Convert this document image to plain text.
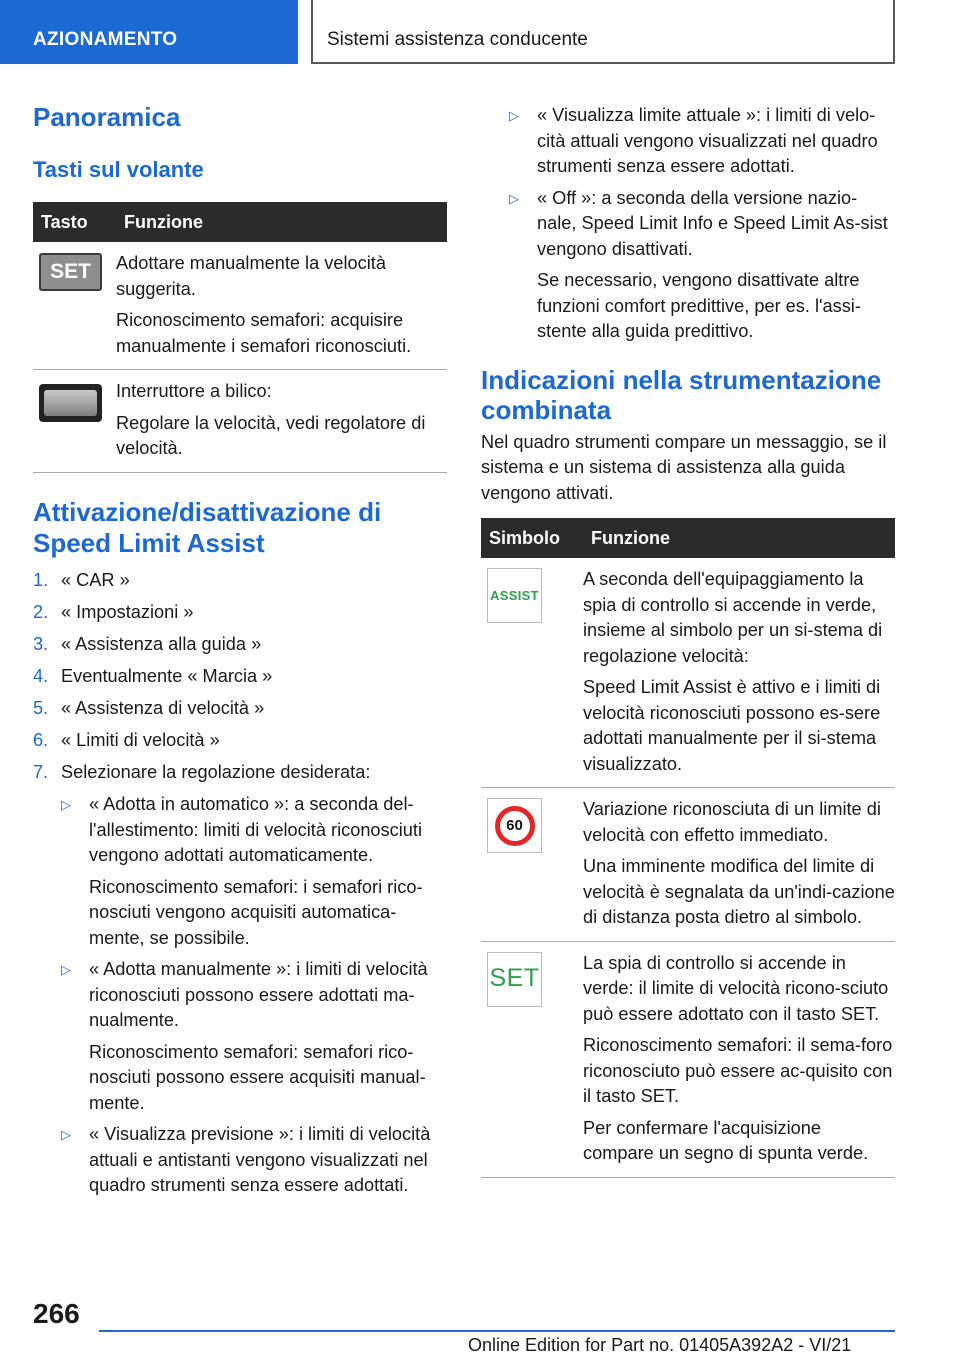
AZIONAMENTO	Sistemi assistenza conducente
Panoramica
Tasti sul volante
Tasto	Funzione

SET	Adottare manualmente la velocità suggerita.

Riconoscimento semafori: acquisire manualmente i semafori riconosciuti.

	Interruttore a bilico:

Regolare la velocità, vedi regolatore di velocità.

Attivazione/disattivazione di Speed Limit Assist
1. « CAR »
2. « Impostazioni »
3. « Assistenza alla guida »
4. Eventualmente « Marcia »
5. « Assistenza di velocità »
6. « Limiti di velocità »
7. Selezionare la regolazione desiderata:
▷ « Adotta in automatico »: a seconda del-l'allestimento: limiti di velocità riconosciuti vengono adottati automaticamente.

Riconoscimento semafori: i semafori rico-nosciuti vengono acquisiti automatica-mente, se possibile.

▷ « Adotta manualmente »: i limiti di velocità riconosciuti possono essere adottati ma-nualmente.

Riconoscimento semafori: semafori rico-nosciuti possono essere acquisiti manual-mente.

▷ « Visualizza previsione »: i limiti di velocità attuali e antistanti vengono visualizzati nel quadro strumenti senza essere adottati.

▷ « Visualizza limite attuale »: i limiti di velo-cità attuali vengono visualizzati nel quadro strumenti senza essere adottati.

▷ « Off »: a seconda della versione nazio-nale, Speed Limit Info e Speed Limit As-sist vengono disattivati.

Se necessario, vengono disattivate altre funzioni comfort predittive, per es. l'assi-stente alla guida predittivo.

Indicazioni nella strumentazione combinata

Nel quadro strumenti compare un messaggio, se il sistema e un sistema di assistenza alla guida vengono attivati.

Simbolo	Funzione

ASSIST	A seconda dell'equipaggiamento la spia di controllo si accende in verde, insieme al simbolo per un si-stema di regolazione velocità:

Speed Limit Assist è attivo e i limiti di velocità riconosciuti possono es-sere adottati manualmente per il si-stema visualizzato.

60	Variazione riconosciuta di un limite di velocità con effetto immediato.

Una imminente modifica del limite di velocità è segnalata da un'indi-cazione di distanza posta dietro al simbolo.

SET	La spia di controllo si accende in verde: il limite di velocità ricono-sciuto può essere adottato con il tasto SET.

Riconoscimento semafori: il sema-foro riconosciuto può essere ac-quisito con il tasto SET.

Per confermare l'acquisizione compare un segno di spunta verde.

266
Online Edition for Part no. 01405A392A2 - VI/21
